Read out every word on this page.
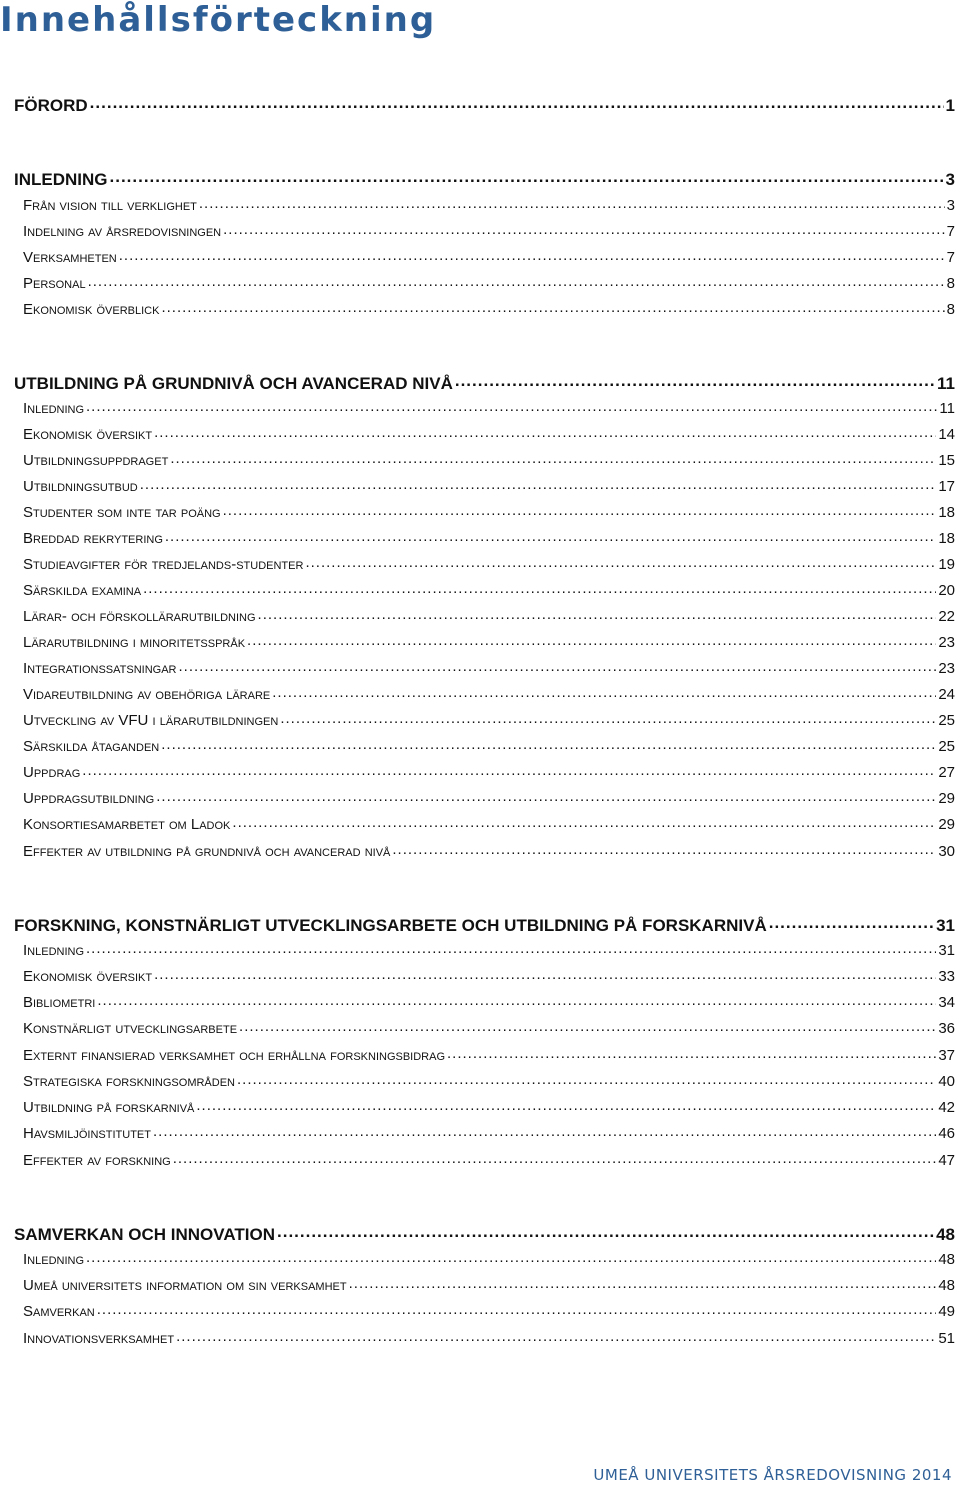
Innehållsförteckning
FÖRORD .....	1
INLEDNING .....	3
Från vision till verklighet .....	3
Indelning av årsredovisningen .....	7
Verksamheten .....	7
Personal .....	8
Ekonomisk överblick .....	8
UTBILDNING PÅ GRUNDNIVÅ OCH AVANCERAD NIVÅ .....	11
Inledning .....	11
Ekonomisk översikt .....	14
Utbildningsuppdraget .....	15
Utbildningsutbud .....	17
Studenter som inte tar poäng .....	18
Breddad rekrytering .....	18
Studieavgifter för tredjelands-studenter .....	19
Särskilda examina .....	20
Lärar- och förskollärarutbildning .....	22
Lärarutbildning i minoritetsspråk .....	23
Integrationssatsningar .....	23
Vidareutbildning av obehöriga lärare .....	24
Utveckling av VFU i lärarutbildningen .....	25
Särskilda åtaganden .....	25
Uppdrag .....	27
Uppdragsutbildning .....	29
Konsortiesamarbetet om Ladok .....	29
Effekter av utbildning på grundnivå och avancerad nivå .....	30
FORSKNING, KONSTNÄRLIGT UTVECKLINGSARBETE OCH UTBILDNING PÅ FORSKARNIVÅ .....	31
Inledning .....	31
Ekonomisk översikt .....	33
Bibliometri .....	34
Konstnärligt utvecklingsarbete .....	36
Externt finansierad verksamhet och erhållna forskningsbidrag .....	37
Strategiska forskningsområden .....	40
Utbildning på forskarnivå .....	42
Havsmiljöinstitutet .....	46
Effekter av forskning .....	47
SAMVERKAN OCH INNOVATION .....	48
Inledning .....	48
Umeå universitets information om sin verksamhet .....	48
Samverkan .....	49
Innovationsverksamhet .....	51
UMEÅ UNIVERSITETS ÅRSREDOVISNING 2014
